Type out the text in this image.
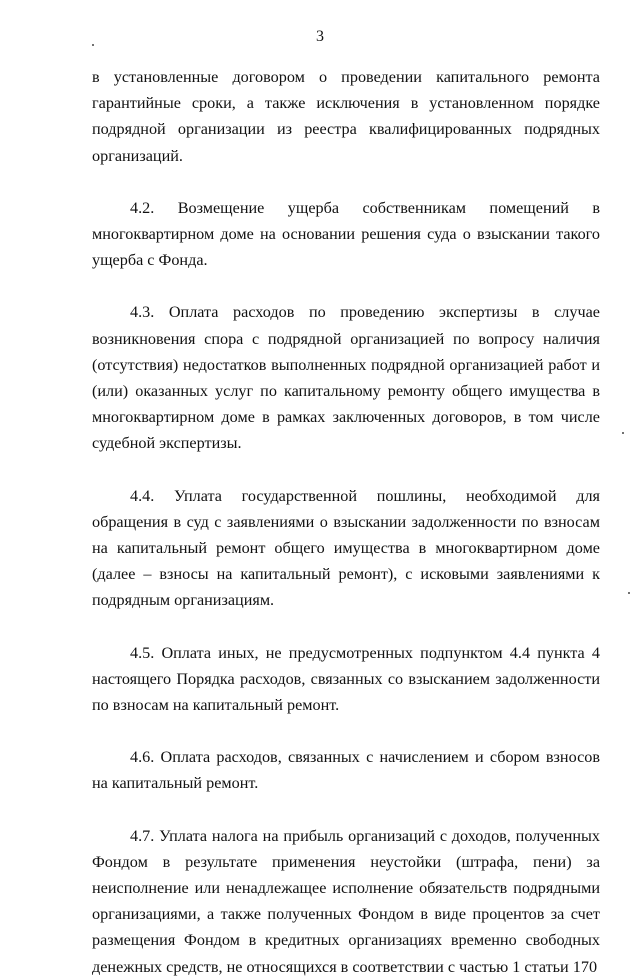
3

в установленные договором о проведении капитального ремонта гарантийные сроки, а также исключения в установленном порядке подрядной организации из реестра квалифицированных подрядных организаций.

4.2. Возмещение ущерба собственникам помещений в многоквартирном доме на основании решения суда о взыскании такого ущерба с Фонда.

4.3. Оплата расходов по проведению экспертизы в случае возникновения спора с подрядной организацией по вопросу наличия (отсутствия) недостатков выполненных подрядной организацией работ и (или) оказанных услуг по капитальному ремонту общего имущества в многоквартирном доме в рамках заключенных договоров, в том числе судебной экспертизы.

4.4. Уплата государственной пошлины, необходимой для обращения в суд с заявлениями о взыскании задолженности по взносам на капитальный ремонт общего имущества в многоквартирном доме (далее – взносы на капитальный ремонт), с исковыми заявлениями к подрядным организациям.

4.5. Оплата иных, не предусмотренных подпунктом 4.4 пункта 4 настоящего Порядка расходов, связанных со взысканием задолженности по взносам на капитальный ремонт.

4.6. Оплата расходов, связанных с начислением и сбором взносов на капитальный ремонт.

4.7. Уплата налога на прибыль организаций с доходов, полученных Фондом в результате применения неустойки (штрафа, пени) за неисполнение или ненадлежащее исполнение обязательств подрядными организациями, а также полученных Фондом в виде процентов за счет размещения Фондом в кредитных организациях временно свободных денежных средств, не относящихся в соответствии с частью 1 статьи 170
